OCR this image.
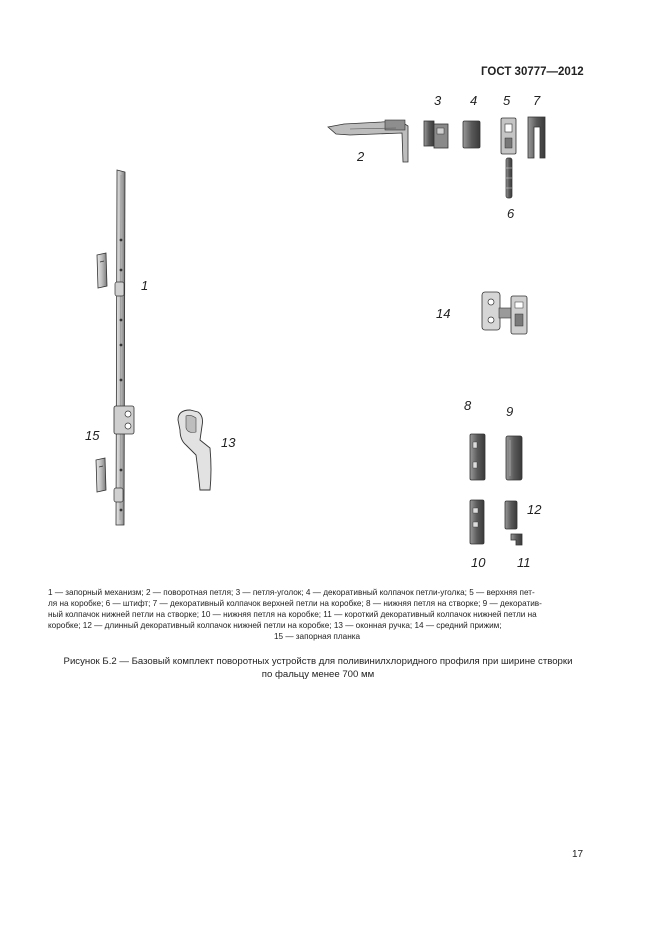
ГОСТ 30777—2012
1
2
3 4 5
6
7
8	9
10 11
12
13
14
15
1 — запорный механизм; 2 — поворотная петля; 3 — петля-уголок; 4 — декоративный колпачок петли-уголка; 5 — верхняя пет-
ля на коробке; 6 — штифт; 7 — декоративный колпачок верхней петли на коробке; 8 — нижняя петля на створке; 9 — декоратив-
ный колпачок нижней петли на створке; 10 — нижняя петля на коробке; 11 — короткий декоративный колпачок нижней петли на
коробке; 12 — длинный декоративный колпачок нижней петли на коробке; 13 — оконная ручка; 14 — средний прижим;
15 — запорная планка
Рисунок Б.2 — Базовый комплект поворотных устройств для поливинилхлоридного профиля при ширине створки
по фальцу менее 700 мм
17
